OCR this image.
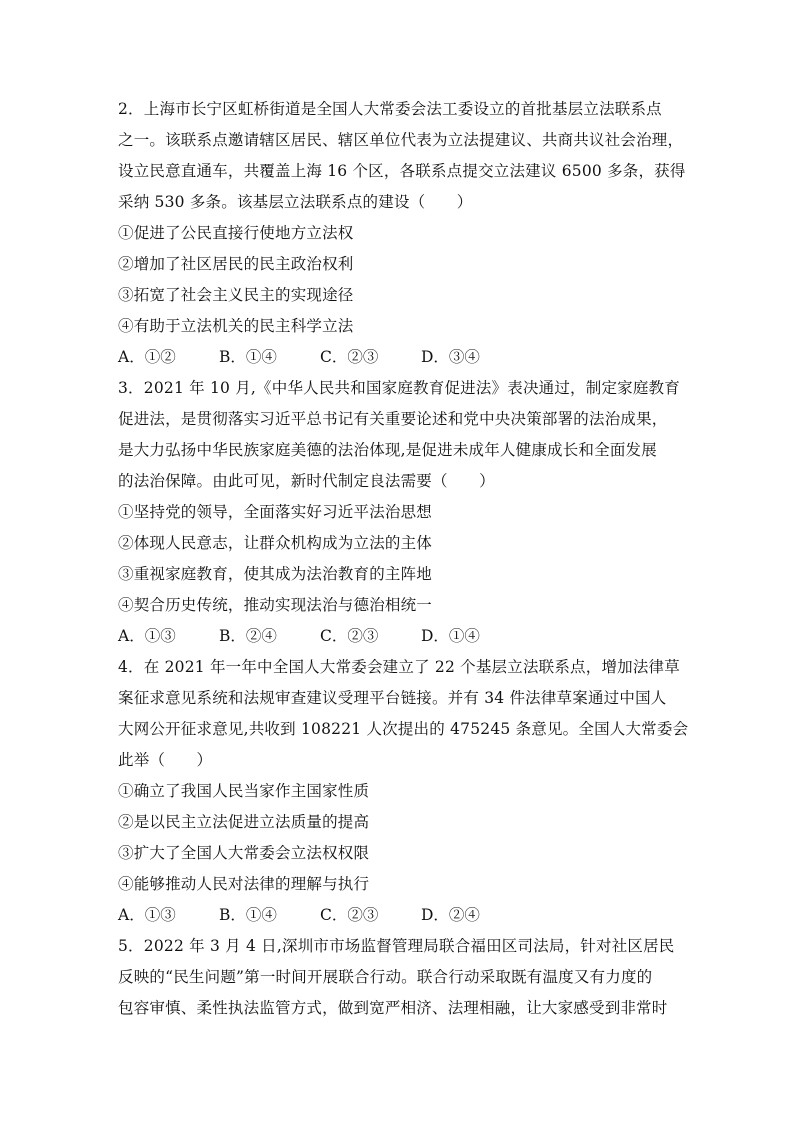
2．上海市长宁区虹桥街道是全国人大常委会法工委设立的首批基层立法联系点
之一。该联系点邀请辖区居民、辖区单位代表为立法提建议、共商共议社会治理，
设立民意直通车，共覆盖上海 16 个区，各联系点提交立法建议 6500 多条，获得
采纳 530 多条。该基层立法联系点的建设（　　）
①促进了公民直接行使地方立法权
②增加了社区居民的民主政治权利
③拓宽了社会主义民主的实现途径
④有助于立法机关的民主科学立法
A．①②	B．①④	C．②③	D．③④
3．2021 年 10 月,《中华人民共和国家庭教育促进法》表决通过，制定家庭教育
促进法，是贯彻落实习近平总书记有关重要论述和党中央决策部署的法治成果，
是大力弘扬中华民族家庭美德的法治体现,是促进未成年人健康成长和全面发展
的法治保障。由此可见，新时代制定良法需要（　　）
①坚持党的领导，全面落实好习近平法治思想
②体现人民意志，让群众机构成为立法的主体
③重视家庭教育，使其成为法治教育的主阵地
④契合历史传统，推动实现法治与德治相统一
A．①③	B．②④	C．②③	D．①④
4．在 2021 年一年中全国人大常委会建立了 22 个基层立法联系点，增加法律草
案征求意见系统和法规审查建议受理平台链接。并有 34 件法律草案通过中国人
大网公开征求意见,共收到 108221 人次提出的 475245 条意见。全国人大常委会
此举（　　）
①确立了我国人民当家作主国家性质
②是以民主立法促进立法质量的提高
③扩大了全国人大常委会立法权权限
④能够推动人民对法律的理解与执行
A．①③	B．①④	C．②③	D．②④
5．2022 年 3 月 4 日,深圳市市场监督管理局联合福田区司法局，针对社区居民
反映的“民生问题”第一时间开展联合行动。联合行动采取既有温度又有力度的
包容审慎、柔性执法监管方式，做到宽严相济、法理相融，让大家感受到非常时
